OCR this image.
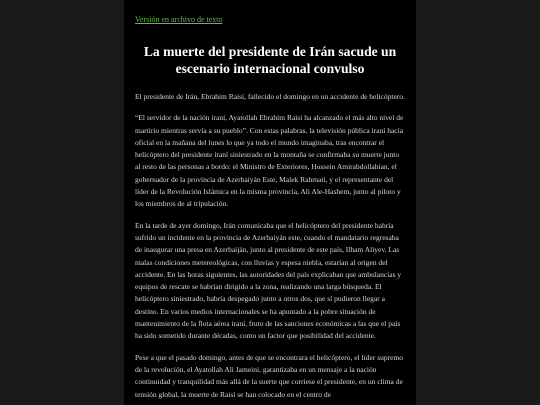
Versión en archivo de texto
La muerte del presidente de Irán sacude un escenario internacional convulso

El presidente de Irán, Ebrahim Raisí, fallecido el domingo en un accidente de helicóptero.

“El servidor de la nación iraní, Ayatollah Ebrahim Raisi ha alcanzado el más alto nivel de martirio mientras servía a su pueblo”. Con estas palabras, la televisión pública iraní hacía oficial en la mañana del lunes lo que ya todo el mundo imaginaba, tras encontrar el helicóptero del presidente iraní siniestrado en la montaña se confirmaba su muerte junto al resto de las personas a bordo: el Ministro de Exteriores, Hossein Amirabdollahian, el gobernador de la provincia de Azerbaiyán Este, Malek Rahmati, y el representante del líder de la Revolución Islámica en la misma provincia, Ali Ale-Hashem, junto al piloto y los miembros de al tripulación.

En la tarde de ayer domingo, Irán comunicaba que el helicóptero del presidente habría sufrido un incidente en la provincia de Azerbaiyán este, cuando el mandatario regresaba de inaugurar una presa en Azerbaiján, junto al presidente de este país, Ilham Aliyev. Las malas condiciones metereológicas, con lluvias y espesa niebla, estarían al origen del accidente. En las horas siguientes, las autoridades del país explicaban que ambulancias y equipos de rescate se habrían dirigido a la zona, realizando una larga búsqueda. El helicóptero siniestrado, habría despegado junto a otros dos, que sí pudieron llegar a destino. En varios medios internacionales se ha apuntado a la pobre situación de mantenimiento de la flota aérea iraní, fruto de las sanciones económicas a las que el país ha sido sometido durante décadas, como un factor que posibilidad del accidente.

Pese a que el pasado domingo, antes de que se encontrara el helicóptero, el líder supremo de la revolución, el Ayatollah Ali Jameini, garantizaba en un mensaje a la nación continuidad y tranquilidad más allá de la suerte que corriese el presidente, en un clima de tensión global, la muerte de Raisí se han colocado en el centro de
